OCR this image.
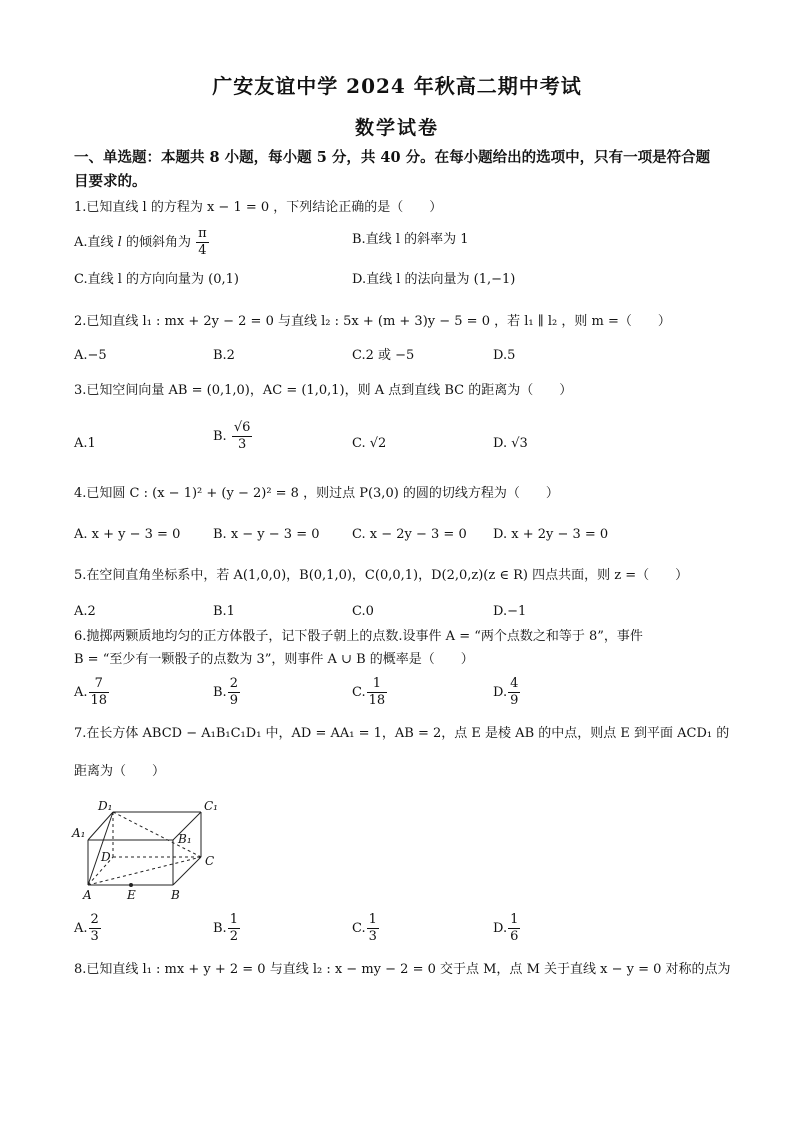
广安友谊中学 2024 年秋高二期中考试
数学试卷
一、单选题：本题共 8 小题，每小题 5 分，共 40 分。在每小题给出的选项中，只有一项是符合题目要求的。
1.已知直线 l 的方程为 x − 1 = 0 ，下列结论正确的是（　　）
A.直线 l 的倾斜角为 $\frac{\pi}{4}$	B.直线 l 的斜率为 1
C.直线 l 的方向向量为 (0,1)	D.直线 l 的法向量为 (1,−1)
2.已知直线 l₁ : mx + 2y − 2 = 0 与直线 l₂ : 5x + (m + 3)y − 5 = 0 ，若 l₁ ∥ l₂ ，则 m =（　　）
A.−5	B.2	C.2 或 −5	D.5
3.已知空间向量 AB = (0,1,0)，AC = (1,0,1)，则 A 点到直线 BC 的距离为（　　）
A.1	B. $\frac{√6}{3}$	C. √2	D. √3
4.已知圆 C : (x − 1)² + (y − 2)² = 8 ，则过点 P(3,0) 的圆的切线方程为（　　）
A. x + y − 3 = 0	B. x − y − 3 = 0 C. x − 2y − 3 = 0 D. x + 2y − 3 = 0
5.在空间直角坐标系中，若 A(1,0,0)，B(0,1,0)，C(0,0,1)，D(2,0,z)(z ∈ R) 四点共面，则 z =（　　）
A.2	B.1	C.0	D.−1
6.抛掷两颗质地均匀的正方体骰子，记下骰子朝上的点数.设事件 A = “两个点数之和等于 8”，事件
B = “至少有一颗骰子的点数为 3”，则事件 A ∪ B 的概率是（　　）
A. $\frac{7}{18}$	B. $\frac{2}{9}$	C. $\frac{1}{18}$	D. $\frac{4}{9}$
7.在长方体 ABCD − A₁B₁C₁D₁ 中，AD = AA₁ = 1，AB = 2，点 E 是棱 AB 的中点，则点 E 到平面 ACD₁ 的
距离为（　　）
D₁	C₁
A₁	B₁
D	C
A	E	B
A. $\frac{2}{3}$	B. $\frac{1}{2}$	C. $\frac{1}{3}$	D. $\frac{1}{6}$
8.已知直线 l₁ : mx + y + 2 = 0 与直线 l₂ : x − my − 2 = 0 交于点 M，点 M 关于直线 x − y = 0 对称的点为
